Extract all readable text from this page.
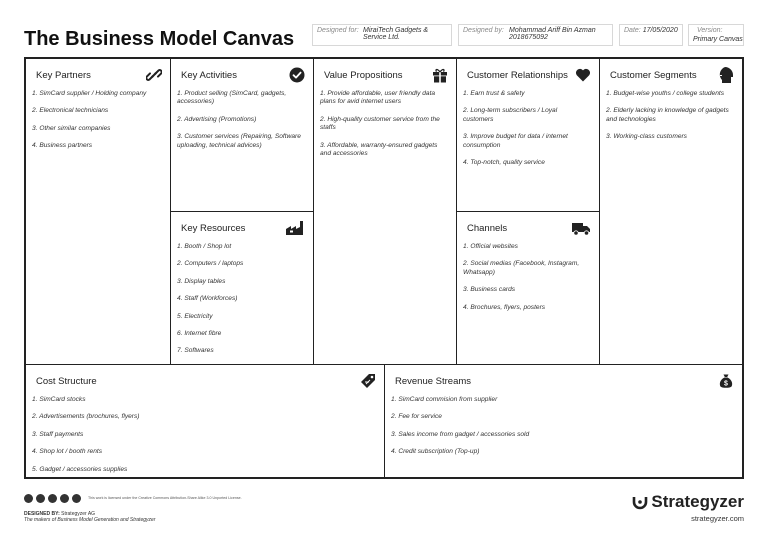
The Business Model Canvas	Designed for: MiraiTech Gadgets & Service Ltd.
Designed by: Mohammad Ariff Bin Azman 2018675092
Date: 17/05/2020	Version:
Primary Canvas
Key Partners
1. SimCard supplier / Holding company
2. Electronical technicians
3. Other similar companies
4. Business partners
Key Activities
1. Product selling (SimCard, gadgets, accessories)
2. Advertising (Promotions)
3. Customer services (Repairing, Software uploading, technical advices)
Key Resources
1. Booth / Shop lot
2. Computers / laptops
3. Display tables
4. Staff (Workforces)
5. Electricity
6. Internet fibre
7. Softwares
Value Propositions
1. Provide affordable, user friendly data plans for avid internet users
2. High-quality customer service from the staffs
3. Affordable, warranty-ensured gadgets and accessories
Customer Relationships
1. Earn trust & safety
2. Long-term subscribers / Loyal customers
3. Improve budget for data / internet consumption
4. Top-notch, quality service
Channels
1. Official websites
2. Social medias (Facebook, Instagram, Whatsapp)
3. Business cards
4. Brochures, flyers, posters
Customer Segments
1. Budget-wise youths / college students
2. Elderly lacking in knowledge of gadgets and technologies
3. Working-class customers
Cost Structure
1. SimCard stocks
2. Advertisements (brochures, flyers)
3. Staff payments
4. Shop lot / booth rents
5. Gadget / accessories supplies
Revenue Streams	$
1. SimCard commision from supplier
2. Fee for service
3. Sales income from gadget / accessories sold
4. Credit subscription (Top-up)
This work is licensed under the Creative Commons Attribution-Share Alike 3.0 Unported License.
DESIGNED BY: Strategyzer AG
The makers of Business Model Generation and Strategyzer
Strategyzer
strategyzer.com
